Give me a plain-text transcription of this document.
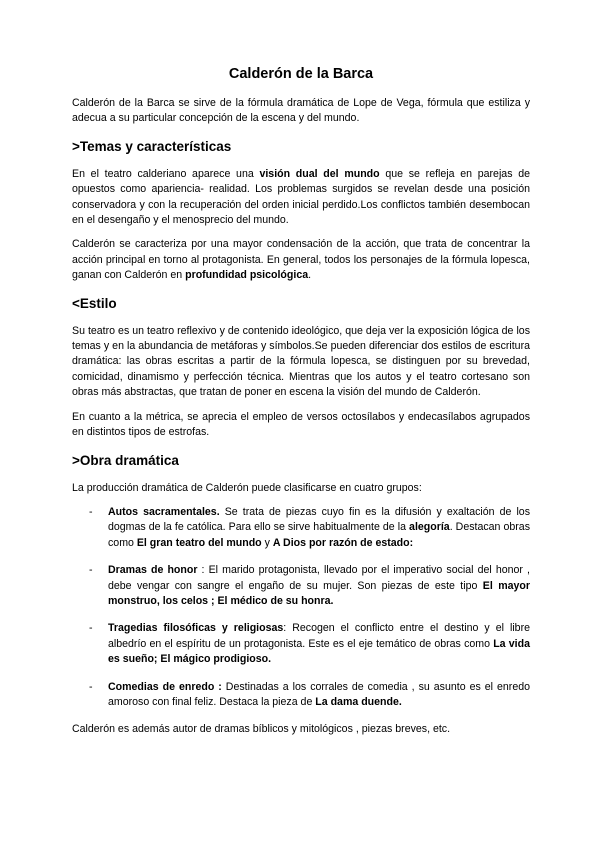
Calderón de la Barca

Calderón de la Barca se sirve de la fórmula dramática de Lope de Vega, fórmula que estiliza y adecua a su particular concepción de la escena y del mundo.

>Temas y características

En el teatro calderiano aparece una visión dual del mundo que se refleja en parejas de opuestos como apariencia- realidad. Los problemas surgidos se revelan desde una posición conservadora y con la recuperación del orden inicial perdido.Los conflictos también desembocan en el desengaño y el menosprecio del mundo.

Calderón se caracteriza por una mayor condensación de la acción, que trata de concentrar la acción principal en torno al protagonista. En general, todos los personajes de la fórmula lopesca, ganan con Calderón en profundidad psicológica.

<Estilo

Su teatro es un teatro reflexivo y de contenido ideológico, que deja ver la exposición lógica de los temas y en la abundancia de metáforas y símbolos.Se pueden diferenciar dos estilos de escritura dramática: las obras escritas a partir de la fórmula lopesca, se distinguen por su brevedad, comicidad, dinamismo y perfección técnica. Mientras que los autos y el teatro cortesano son obras más abstractas, que tratan de poner en escena la visión del mundo de Calderón.

En cuanto a la métrica, se aprecia el empleo de versos octosílabos y endecasílabos agrupados en distintos tipos de estrofas.

>Obra dramática

La producción dramática de Calderón puede clasificarse en cuatro grupos:

- Autos sacramentales. Se trata de piezas cuyo fin es la difusión y exaltación de los dogmas de la fe católica. Para ello se sirve habitualmente de la alegoría. Destacan obras como El gran teatro del mundo y A Dios por razón de estado:
- Dramas de honor : El marido protagonista, llevado por el imperativo social del honor , debe vengar con sangre el engaño de su mujer. Son piezas de este tipo El mayor monstruo, los celos ; El médico de su honra.
- Tragedias filosóficas y religiosas: Recogen el conflicto entre el destino y el libre albedrío en el espíritu de un protagonista. Este es el eje temático de obras como La vida es sueño; El mágico prodigioso.
- Comedias de enredo : Destinadas a los corrales de comedia , su asunto es el enredo amoroso con final feliz. Destaca la pieza de La dama duende.

Calderón es además autor de dramas bíblicos y mitológicos , piezas breves, etc.
